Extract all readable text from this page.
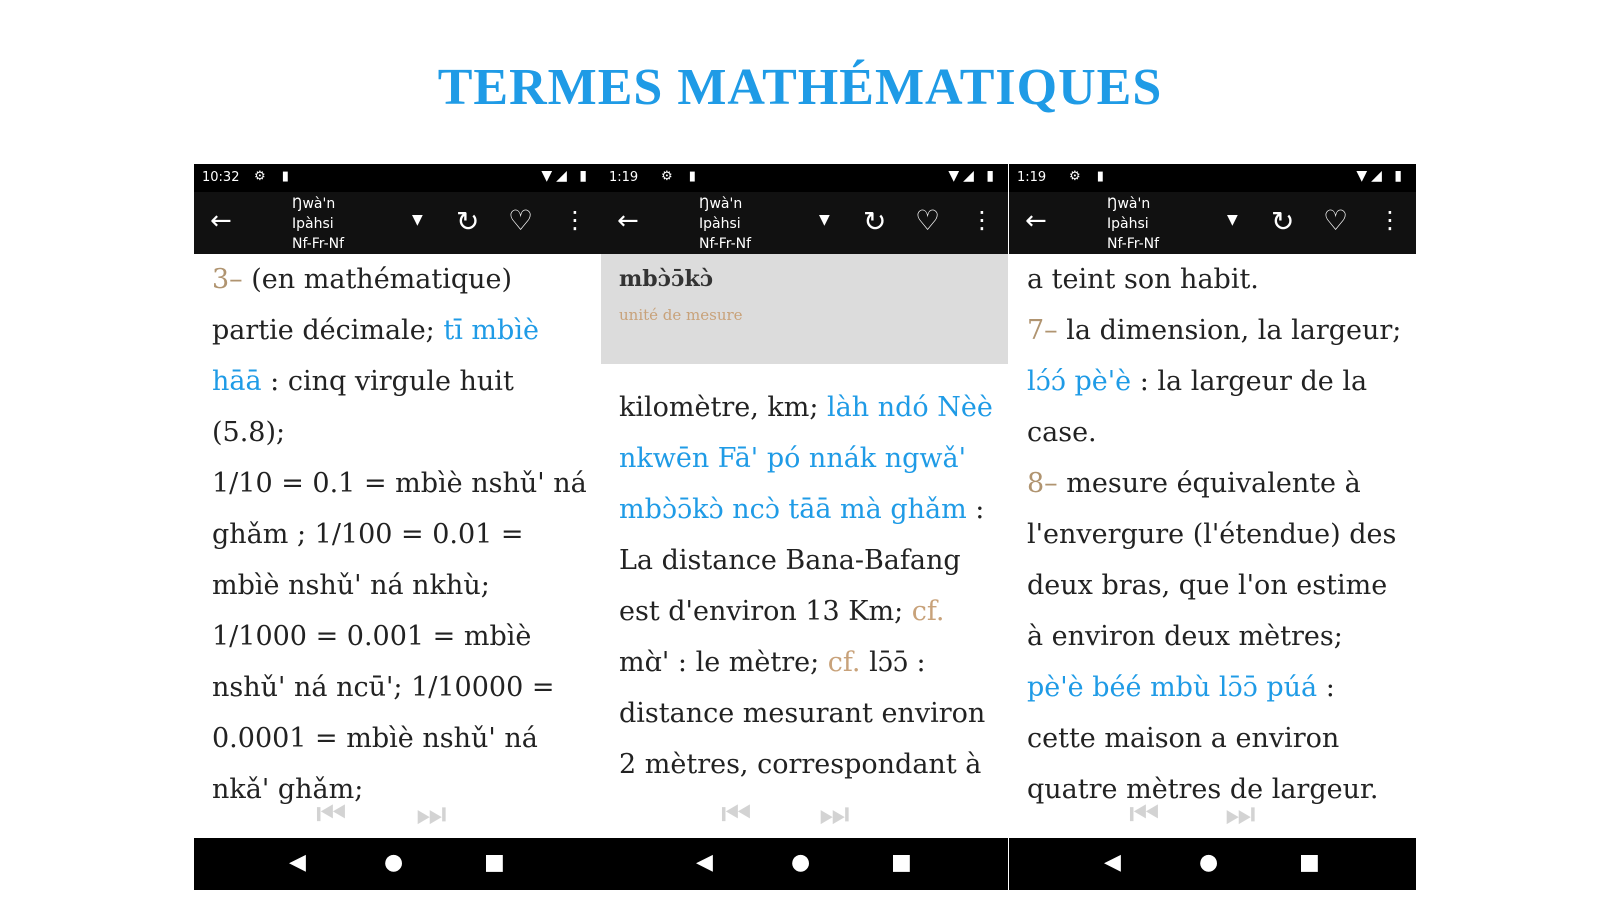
TERMES MATHÉMATIQUES
10:32 ⚙ ▮	▼◢ ▮
←
Ŋwà'n
Ipàhsi
Nf-Fr-Nf
▼ ↻ ♡ ⋮
3– (en mathématique) partie décimale; tī mbìè hāā : cinq virgule huit (5.8);
1/10 = 0.1 = mbìè nshǔ' ná ghǎm ; 1/100 = 0.01 = mbìè nshǔ' ná nkhù; 1/1000 = 0.001 = mbìè nshǔ' ná ncū'; 1/10000 = 0.0001 = mbìè nshǔ' ná nkǎ' ghǎm;
⏮ ⏭
◀	●	■
1:19 ⚙ ▮	▼◢ ▮
←
Ŋwà'n
Ipàhsi
Nf-Fr-Nf
▼ ↻ ♡ ⋮
mbɔ̀ɔ̄kɔ̀
unité de mesure
kilomètre, km; làh ndó Nèè nkwēn Fā' pó nnák ngwǎ' mbɔ̀ɔ̄kɔ̀ ncɔ̀ tāā mà ghǎm : La distance Bana-Bafang est d'environ 13 Km; cf. mɑ̀' : le mètre; cf. lɔ̄ɔ̄ : distance mesurant environ 2 mètres, correspondant à
⏮ ⏭
◀	●	■
1:19 ⚙ ▮	▼◢ ▮
←
Ŋwà'n
Ipàhsi
Nf-Fr-Nf
▼ ↻ ♡ ⋮
a teint son habit.
7– la dimension, la largeur; lɔ́ɔ́ pè'è : la largeur de la case.
8– mesure équivalente à l'envergure (l'étendue) des deux bras, que l'on estime à environ deux mètres; pè'è béé mbù lɔ̄ɔ̄ púá : cette maison a environ quatre mètres de largeur.
⏮ ⏭
◀	●	■
